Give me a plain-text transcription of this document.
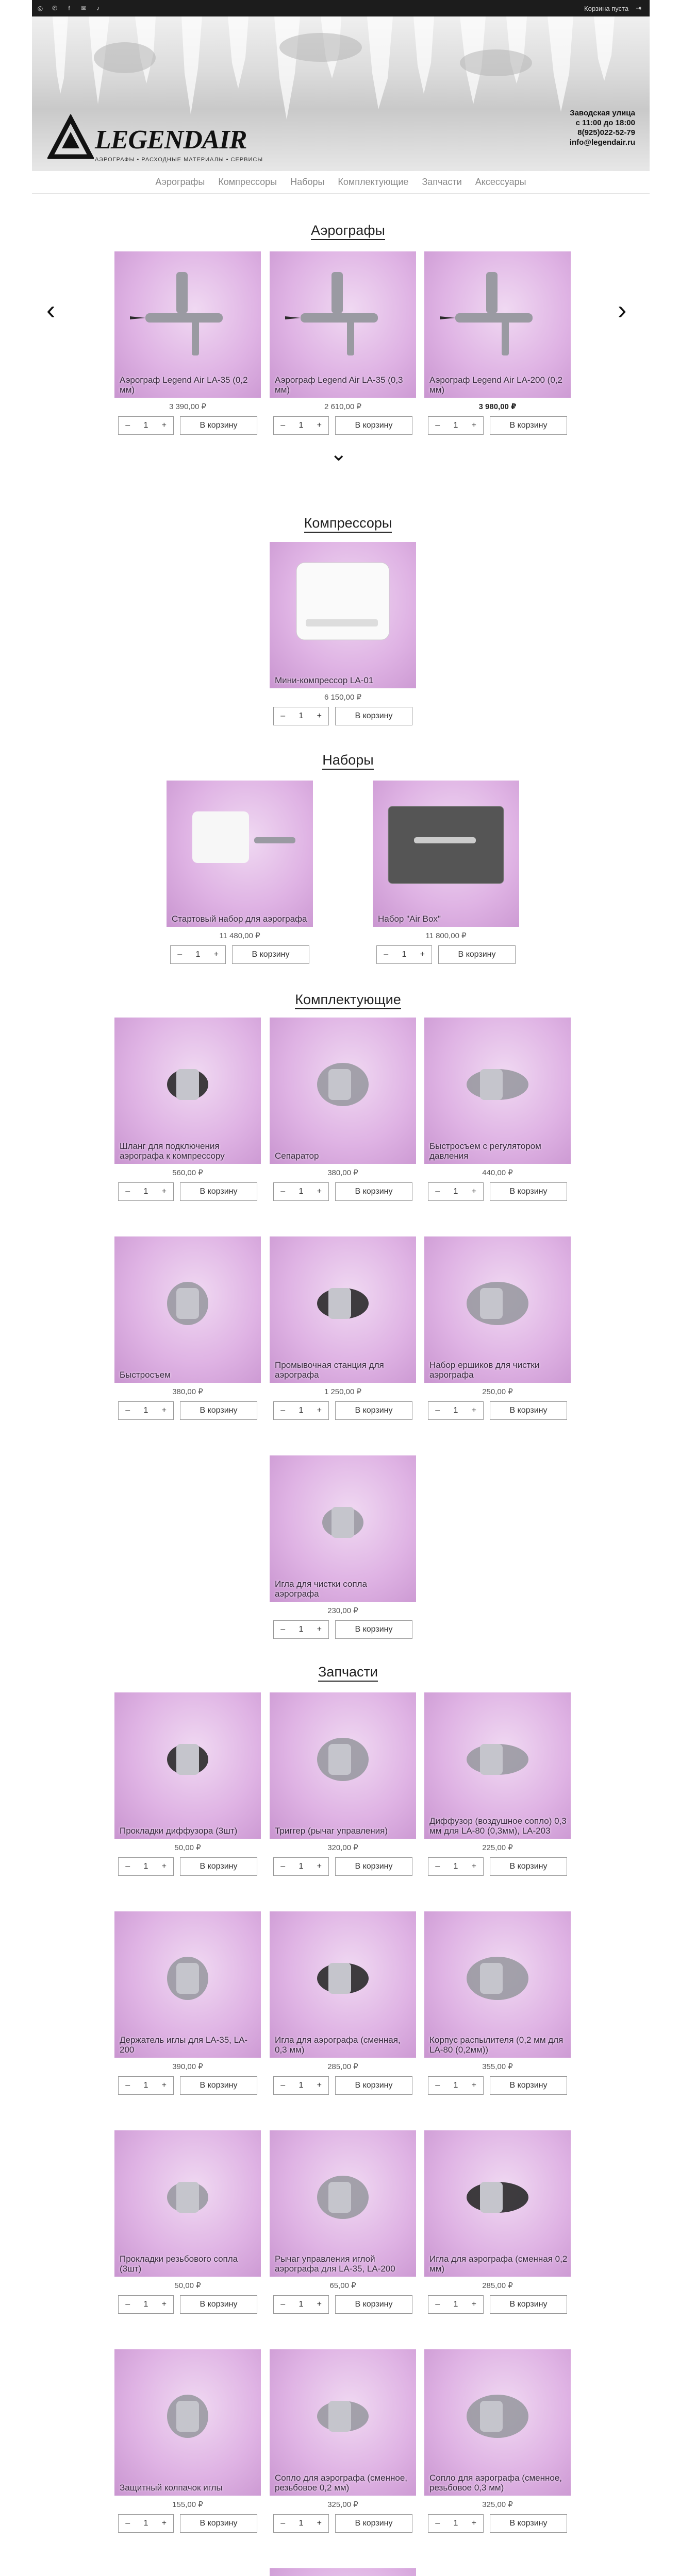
◎ ✆	f	✉	♪	Корзина пуста ⇥
LEGENDAIR
АЭРОГРАФЫ • РАСХОДНЫЕ МАТЕРИАЛЫ • СЕРВИСЫ
Заводская улица
с 11:00 до 18:00
8(925)022-52-79
info@legendair.ru
Аэрографы Компрессоры Наборы Комплектующие Запчасти Аксессуары
Аэрографы
Компрессоры
Наборы
Комплектующие
Запчасти
‹	›
⌄
Аэрограф Legend Air LA-35 (0,2 мм)
3 390,00 ₽
–	1	+	В корзину
Аэрограф Legend Air LA-35 (0,3 мм)
2 610,00 ₽
–	1	+	В корзину
Аэрограф Legend Air LA-200 (0,2 мм)
3 980,00 ₽
–	1	+	В корзину
Мини-компрессор LA-01
6 150,00 ₽
–	1	+	В корзину
Стартовый набор для аэрографа
11 480,00 ₽
–	1	+	В корзину
Набор "Air Box"
11 800,00 ₽
–	1	+	В корзину
Шланг для подключения аэрографа к компрессору
560,00 ₽
–	1	+	В корзину
Сепаратор
380,00 ₽
–	1	+	В корзину
Быстросъем с регулятором давления
440,00 ₽
–	1	+	В корзину
Быстросъем
380,00 ₽
–	1	+	В корзину
Промывочная станция для аэрографа
1 250,00 ₽
–	1	+	В корзину
Набор ершиков для чистки аэрографа
250,00 ₽
–	1	+	В корзину
Игла для чистки сопла аэрографа
230,00 ₽
–	1	+	В корзину
Прокладки диффузора (3шт)
50,00 ₽
–	1	+	В корзину
Триггер (рычаг управления)
320,00 ₽
–	1	+	В корзину
Диффузор (воздушное сопло) 0,3 мм для LA-80 (0,3мм), LA-203
225,00 ₽
–	1	+	В корзину
Держатель иглы для LA-35, LA-200
390,00 ₽
–	1	+	В корзину
Игла для аэрографа (сменная, 0,3 мм)
285,00 ₽
–	1	+	В корзину
Корпус распылителя (0,2 мм для LA-80 (0,2мм))
355,00 ₽
–	1	+	В корзину
Прокладки резьбового сопла (3шт)
50,00 ₽
–	1	+	В корзину
Рычаг управления иглой аэрографа для LA-35, LA-200
65,00 ₽
–	1	+	В корзину
Игла для аэрографа (сменная 0,2 мм)
285,00 ₽
–	1	+	В корзину
Защитный колпачок иглы
155,00 ₽
–	1	+	В корзину
Сопло для аэрографа (сменное, резьбовое 0,2 мм)
325,00 ₽
–	1	+	В корзину
Сопло для аэрографа (сменное, резьбовое 0,3 мм)
325,00 ₽
–	1	+	В корзину
